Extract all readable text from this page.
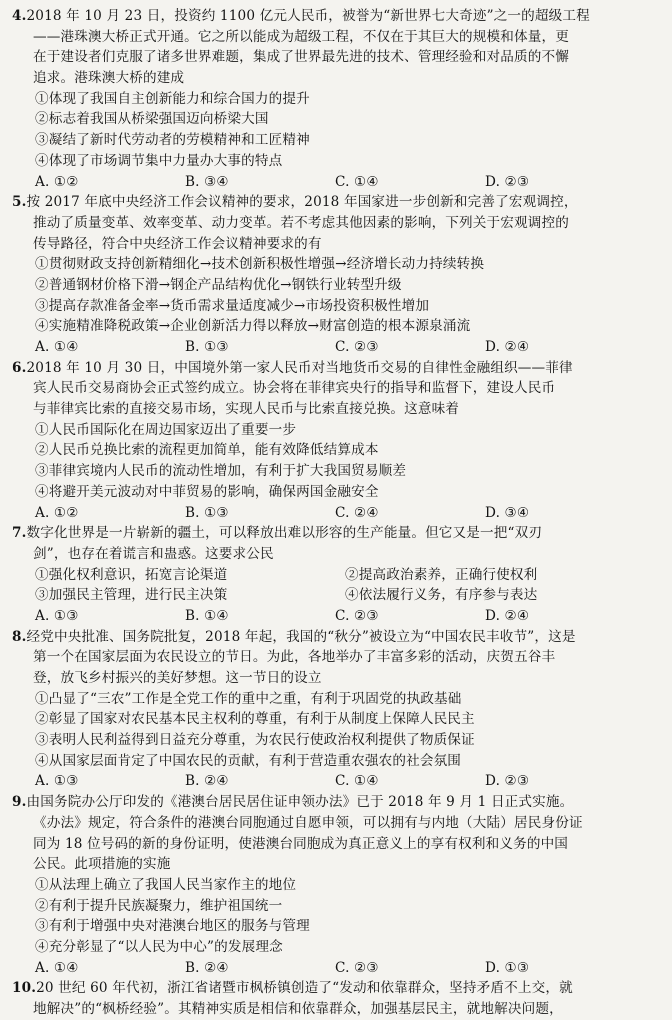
4.2018 年 10 月 23 日，投资约 1100 亿元人民币，被誉为“新世界七大奇迹”之一的超级工程
——港珠澳大桥正式开通。它之所以能成为超级工程，不仅在于其巨大的规模和体量，更
在于建设者们克服了诸多世界难题，集成了世界最先进的技术、管理经验和对品质的不懈
追求。港珠澳大桥的建成
①体现了我国自主创新能力和综合国力的提升
②标志着我国从桥梁强国迈向桥梁大国
③凝结了新时代劳动者的劳模精神和工匠精神
④体现了市场调节集中力量办大事的特点
A. ①②	B. ③④	C. ①④	D. ②③
5.按 2017 年底中央经济工作会议精神的要求，2018 年国家进一步创新和完善了宏观调控，
推动了质量变革、效率变革、动力变革。若不考虑其他因素的影响，下列关于宏观调控的
传导路径，符合中央经济工作会议精神要求的有
①贯彻财政支持创新精细化→技术创新积极性增强→经济增长动力持续转换
②普通钢材价格下滑→钢企产品结构优化→钢铁行业转型升级
③提高存款准备金率→货币需求量适度减少→市场投资积极性增加
④实施精准降税政策→企业创新活力得以释放→财富创造的根本源泉涌流
A. ①④	B. ①③	C. ②③	D. ②④
6.2018 年 10 月 30 日，中国境外第一家人民币对当地货币交易的自律性金融组织——菲律
宾人民币交易商协会正式签约成立。协会将在菲律宾央行的指导和监督下，建设人民币
与菲律宾比索的直接交易市场，实现人民币与比索直接兑换。这意味着
①人民币国际化在周边国家迈出了重要一步
②人民币兑换比索的流程更加简单，能有效降低结算成本
③菲律宾境内人民币的流动性增加，有利于扩大我国贸易顺差
④将避开美元波动对中菲贸易的影响，确保两国金融安全
A. ①②	B. ①③	C. ②④	D. ③④
7.数字化世界是一片崭新的疆土，可以释放出难以形容的生产能量。但它又是一把“双刃
剑”，也存在着谎言和蛊惑。这要求公民
①强化权利意识，拓宽言论渠道	②提高政治素养，正确行使权利
③加强民主管理，进行民主决策	④依法履行义务，有序参与表达
A. ①③	B. ①④	C. ②③	D. ②④
8.经党中央批准、国务院批复，2018 年起，我国的“秋分”被设立为“中国农民丰收节”，这是
第一个在国家层面为农民设立的节日。为此，各地举办了丰富多彩的活动，庆贺五谷丰
登，放飞乡村振兴的美好梦想。这一节日的设立
①凸显了“三农”工作是全党工作的重中之重，有利于巩固党的执政基础
②彰显了国家对农民基本民主权利的尊重，有利于从制度上保障人民民主
③表明人民利益得到日益充分尊重，为农民行使政治权利提供了物质保证
④从国家层面肯定了中国农民的贡献，有利于营造重农强农的社会氛围
A. ①③	B. ②④	C. ①④	D. ②③
9.由国务院办公厅印发的《港澳台居民居住证申领办法》已于 2018 年 9 月 1 日正式实施。
《办法》规定，符合条件的港澳台同胞通过自愿申领，可以拥有与内地（大陆）居民身份证
同为 18 位号码的新的身份证明，使港澳台同胞成为真正意义上的享有权利和义务的中国
公民。此项措施的实施
①从法理上确立了我国人民当家作主的地位
②有利于提升民族凝聚力，维护祖国统一
③有利于增强中央对港澳台地区的服务与管理
④充分彰显了“以人民为中心”的发展理念
A. ①④	B. ②④	C. ②③	D. ①③
10.20 世纪 60 年代初，浙江省诸暨市枫桥镇创造了“发动和依靠群众，坚持矛盾不上交，就
地解决”的“枫桥经验”。其精神实质是相信和依靠群众，加强基层民主，就地解决问题，
